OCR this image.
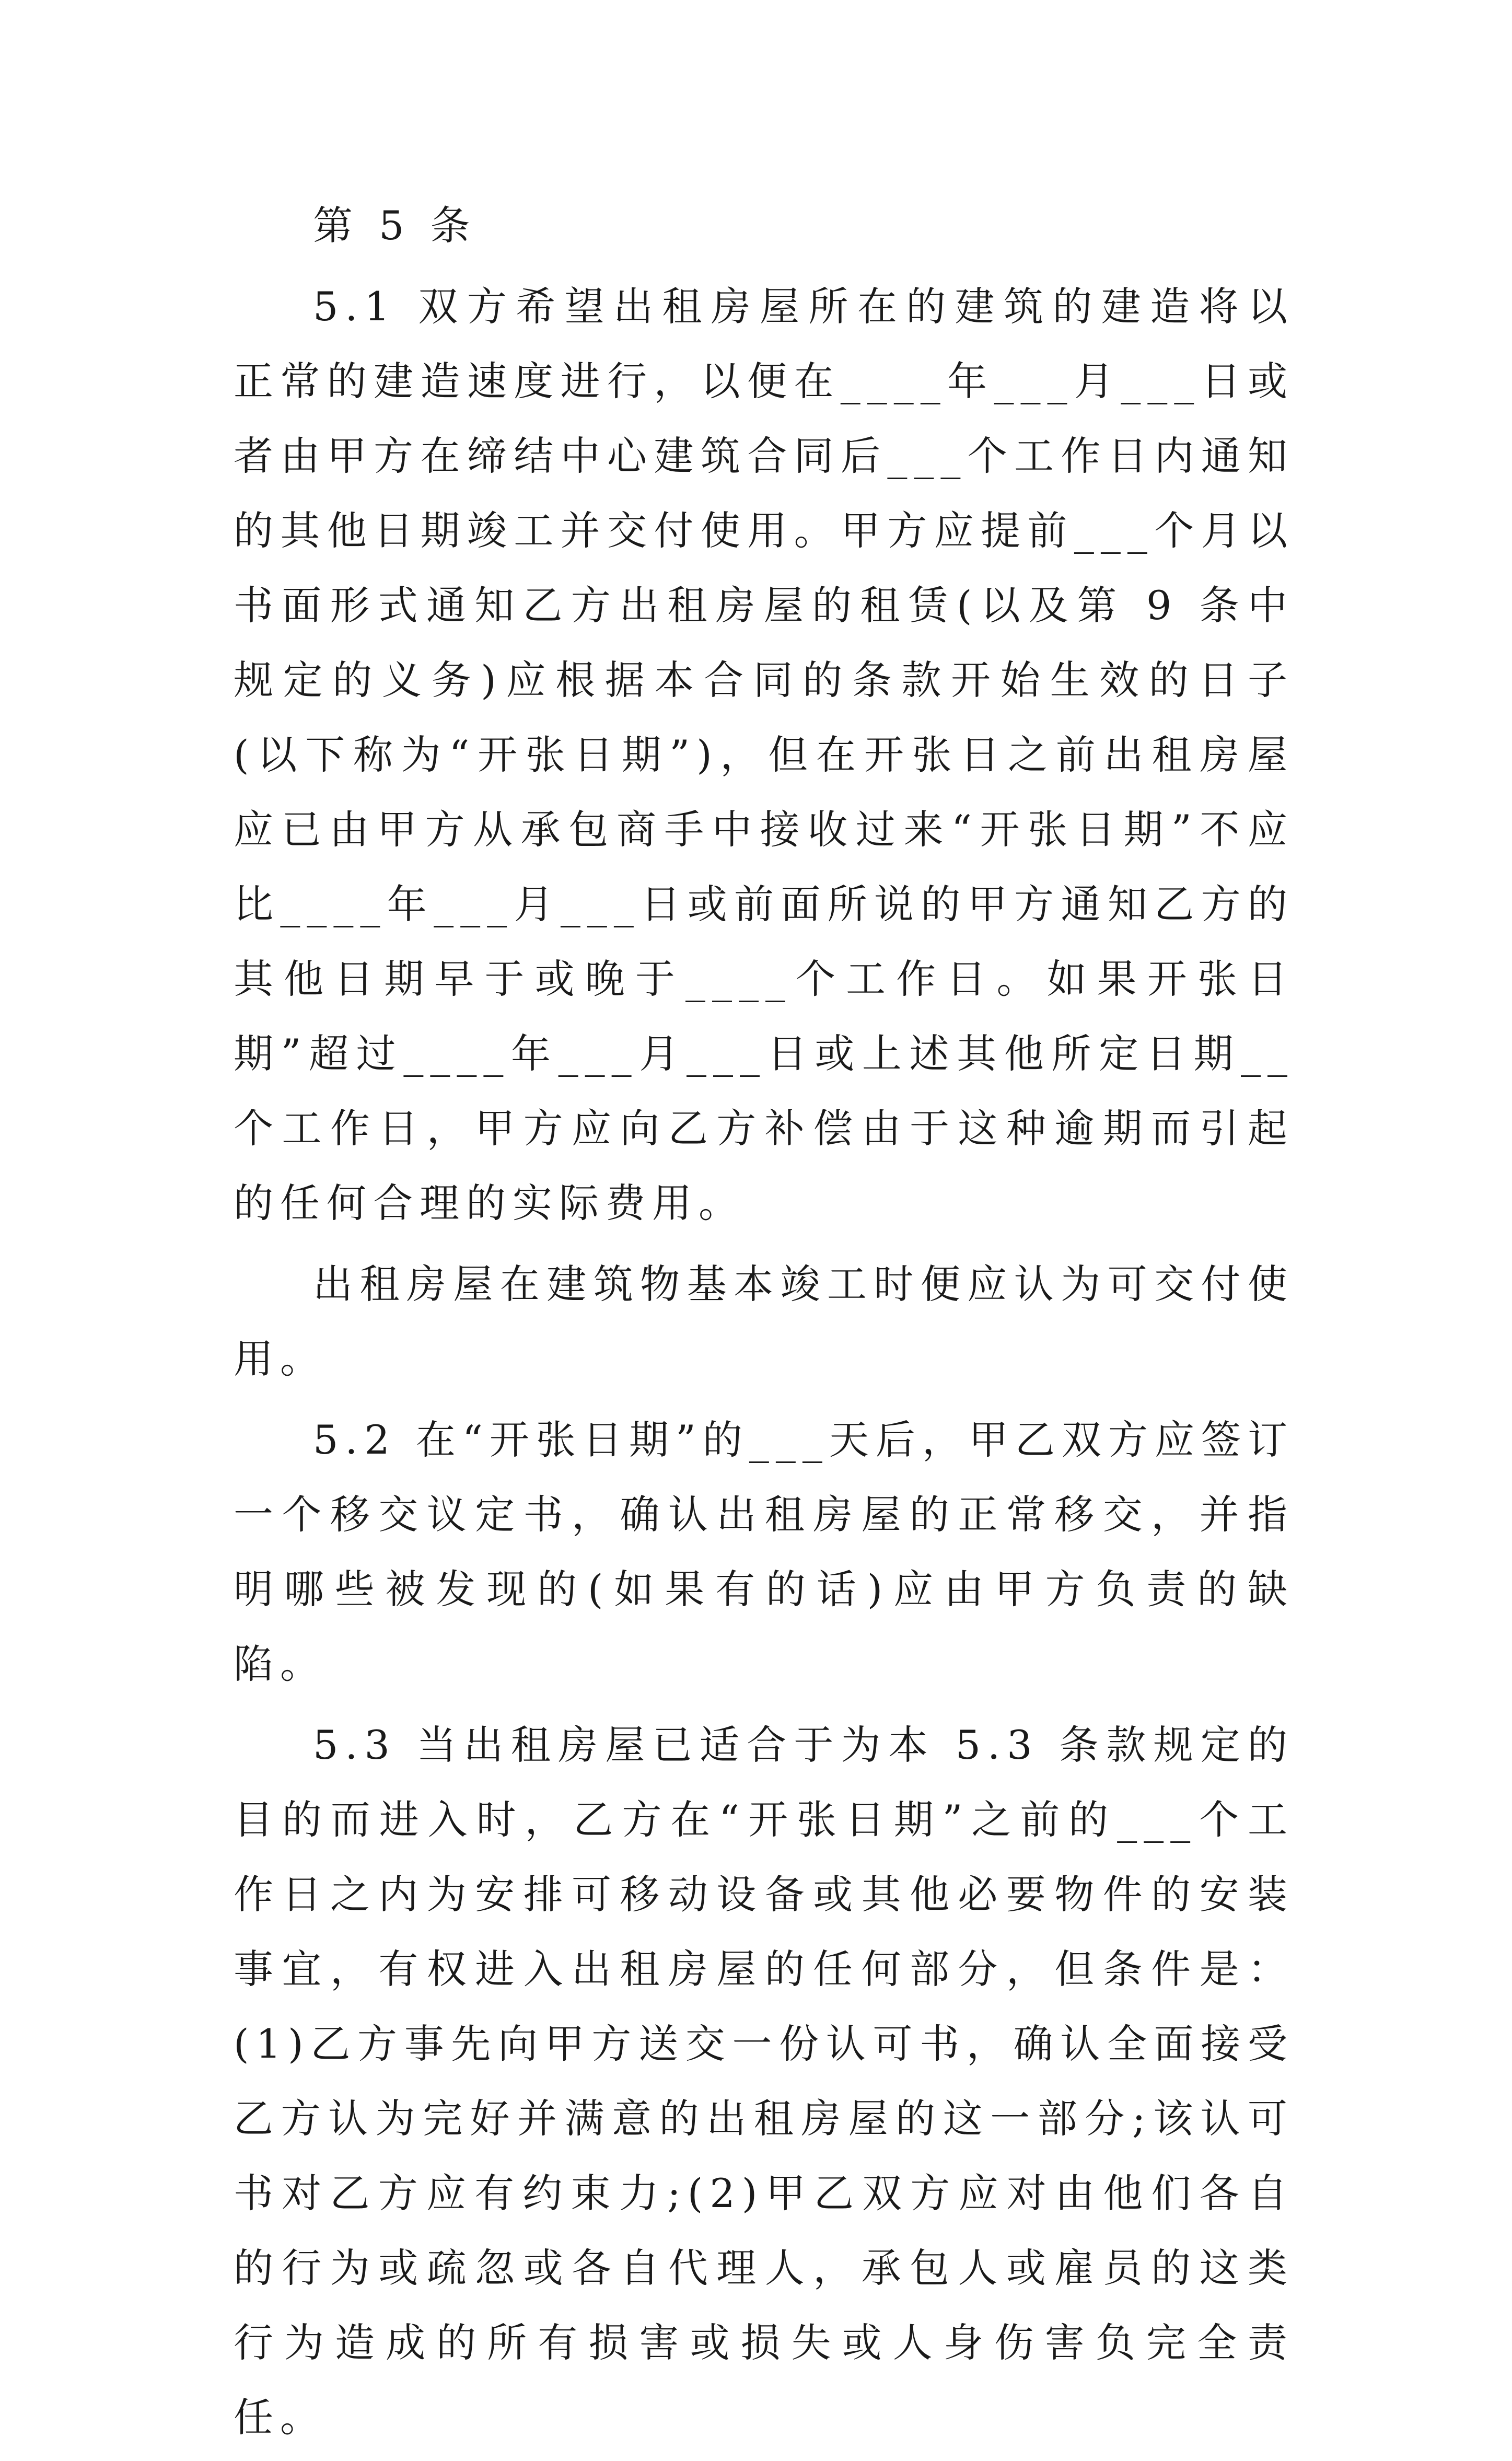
第 5 条

5.1 双方希望出租房屋所在的建筑的建造将以正常的建造速度进行，以便在____年___月___日或者由甲方在缔结中心建筑合同后___个工作日内通知的其他日期竣工并交付使用。甲方应提前___个月以书面形式通知乙方出租房屋的租赁(以及第 9 条中规定的义务)应根据本合同的条款开始生效的日子(以下称为“开张日期”)，但在开张日之前出租房屋应已由甲方从承包商手中接收过来“开张日期”不应比____年___月___日或前面所说的甲方通知乙方的其他日期早于或晚于____个工作日。如果开张日期”超过____年___月___日或上述其他所定日期__个工作日，甲方应向乙方补偿由于这种逾期而引起的任何合理的实际费用。

出租房屋在建筑物基本竣工时便应认为可交付使用。

5.2 在“开张日期”的___天后，甲乙双方应签订一个移交议定书，确认出租房屋的正常移交，并指明哪些被发现的(如果有的话)应由甲方负责的缺陷。

5.3 当出租房屋已适合于为本 5.3 条款规定的目的而进入时，乙方在“开张日期”之前的___个工作日之内为安排可移动设备或其他必要物件的安装事宜，有权进入出租房屋的任何部分，但条件是：(1)乙方事先向甲方送交一份认可书，确认全面接受乙方认为完好并满意的出租房屋的这一部分;该认可书对乙方应有约束力;(2)甲乙双方应对由他们各自的行为或疏忽或各自代理人，承包人或雇员的这类行为造成的所有损害或损失或人身伤害负完全责任。
